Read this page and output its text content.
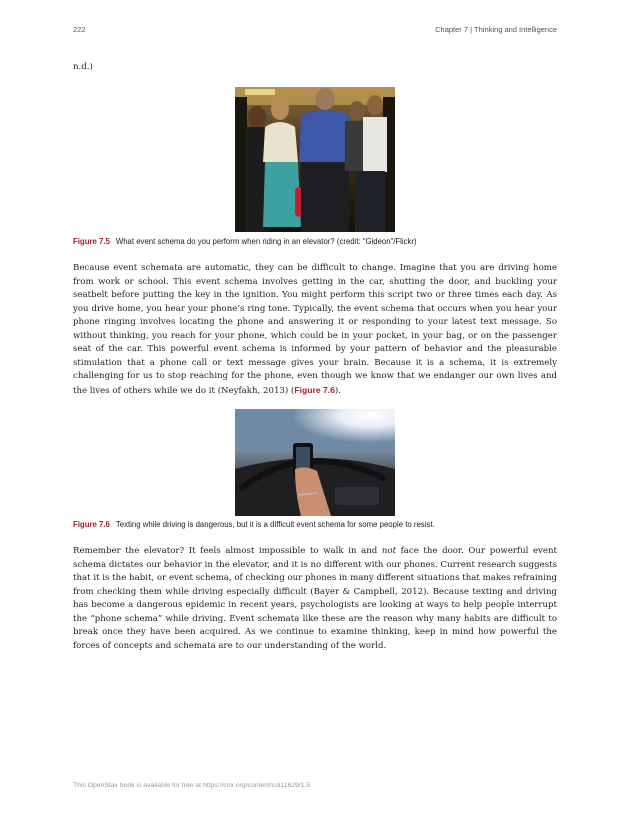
222	Chapter 7 | Thinking and Intelligence
n.d.)
Figure 7.5 What event schema do you perform when riding in an elevator? (credit: “Gideon”/Flickr)

Because event schemata are automatic, they can be difficult to change. Imagine that you are driving home from work or school. This event schema involves getting in the car, shutting the door, and buckling your seatbelt before putting the key in the ignition. You might perform this script two or three times each day. As you drive home, you hear your phone’s ring tone. Typically, the event schema that occurs when you hear your phone ringing involves locating the phone and answering it or responding to your latest text message. So without thinking, you reach for your phone, which could be in your pocket, in your bag, or on the passenger seat of the car. This powerful event schema is informed by your pattern of behavior and the pleasurable stimulation that a phone call or text message gives your brain. Because it is a schema, it is extremely challenging for us to stop reaching for the phone, even though we know that we endanger our own lives and the lives of others while we do it (Neyfakh, 2013) (Figure 7.6).

Figure 7.6 Texting while driving is dangerous, but it is a difficult event schema for some people to resist.

Remember the elevator? It feels almost impossible to walk in and not face the door. Our powerful event schema dictates our behavior in the elevator, and it is no different with our phones. Current research suggests that it is the habit, or event schema, of checking our phones in many different situations that makes refraining from checking them while driving especially difficult (Bayer & Campbell, 2012). Because texting and driving has become a dangerous epidemic in recent years, psychologists are looking at ways to help people interrupt the “phone schema” while driving. Event schemata like these are the reason why many habits are difficult to break once they have been acquired. As we continue to examine thinking, keep in mind how powerful the forces of concepts and schemata are to our understanding of the world.

This OpenStax book is available for free at https://cnx.org/content/col11629/1.5
